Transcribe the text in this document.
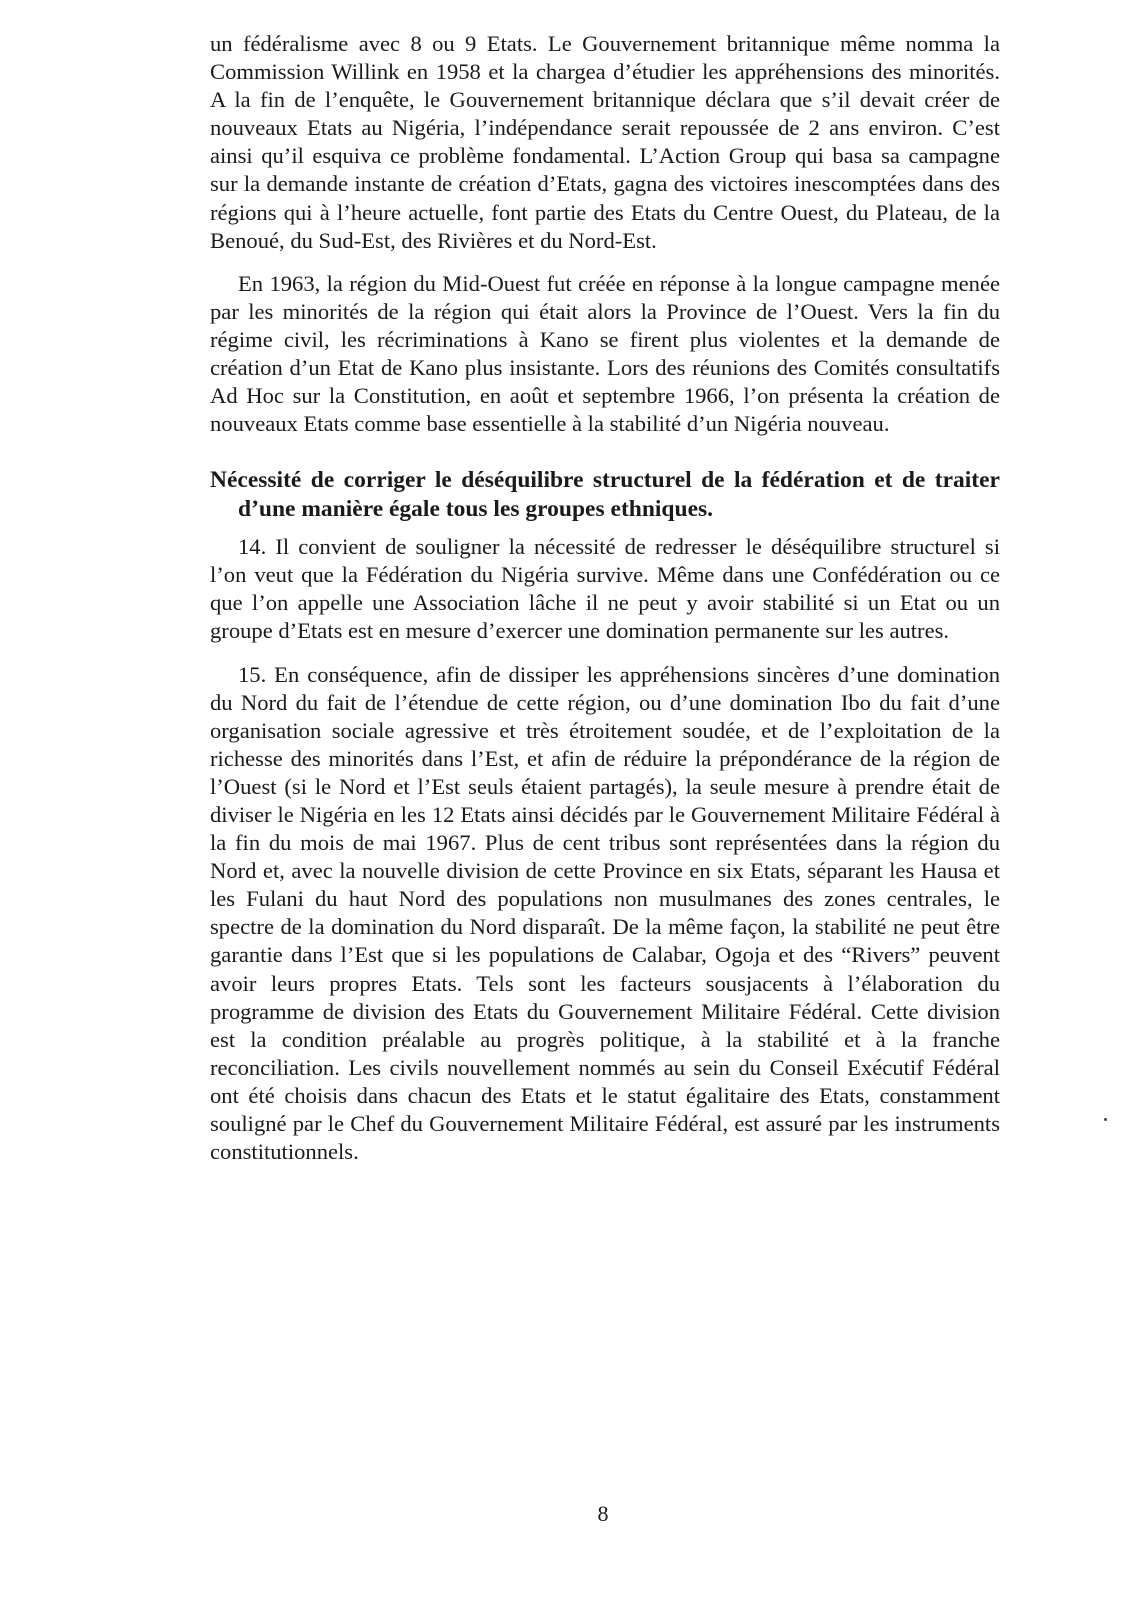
un fédéralisme avec 8 ou 9 Etats. Le Gouvernement britannique même nomma la Commission Willink en 1958 et la chargea d’étudier les appréhensions des minorités. A la fin de l’enquête, le Gouvernement britannique déclara que s’il devait créer de nouveaux Etats au Nigéria, l’indépendance serait repoussée de 2 ans environ. C’est ainsi qu’il esquiva ce problème fondamental. L’Action Group qui basa sa campagne sur la demande instante de création d’Etats, gagna des victoires inescomptées dans des régions qui à l’heure actuelle, font partie des Etats du Centre Ouest, du Plateau, de la Benoué, du Sud-Est, des Rivières et du Nord-Est.

En 1963, la région du Mid-Ouest fut créée en réponse à la longue campagne menée par les minorités de la région qui était alors la Province de l’Ouest. Vers la fin du régime civil, les récriminations à Kano se firent plus violentes et la demande de création d’un Etat de Kano plus insistante. Lors des réunions des Comités consultatifs Ad Hoc sur la Constitution, en août et septembre 1966, l’on présenta la création de nouveaux Etats comme base essentielle à la stabilité d’un Nigéria nouveau.

Nécessité de corriger le déséquilibre structurel de la fédération et de traiter d’une manière égale tous les groupes ethniques.

14. Il convient de souligner la nécessité de redresser le déséquilibre structurel si l’on veut que la Fédération du Nigéria survive. Même dans une Confédération ou ce que l’on appelle une Association lâche il ne peut y avoir stabilité si un Etat ou un groupe d’Etats est en mesure d’exercer une domination permanente sur les autres.

15. En conséquence, afin de dissiper les appréhensions sincères d’une domination du Nord du fait de l’étendue de cette région, ou d’une domination Ibo du fait d’une organisation sociale agressive et très étroitement soudée, et de l’exploitation de la richesse des minorités dans l’Est, et afin de réduire la prépondérance de la région de l’Ouest (si le Nord et l’Est seuls étaient partagés), la seule mesure à prendre était de diviser le Nigéria en les 12 Etats ainsi décidés par le Gouvernement Militaire Fédéral à la fin du mois de mai 1967. Plus de cent tribus sont représentées dans la région du Nord et, avec la nouvelle division de cette Province en six Etats, séparant les Hausa et les Fulani du haut Nord des populations non musulmanes des zones centrales, le spectre de la domination du Nord disparaît. De la même façon, la stabilité ne peut être garantie dans l’Est que si les populations de Calabar, Ogoja et des “Rivers” peuvent avoir leurs propres Etats. Tels sont les facteurs sousjacents à l’élaboration du programme de division des Etats du Gouvernement Militaire Fédéral. Cette division est la condition préalable au progrès politique, à la stabilité et à la franche reconciliation. Les civils nouvellement nommés au sein du Conseil Exécutif Fédéral ont été choisis dans chacun des Etats et le statut égalitaire des Etats, constamment souligné par le Chef du Gouvernement Militaire Fédéral, est assuré par les instruments constitutionnels.

8
